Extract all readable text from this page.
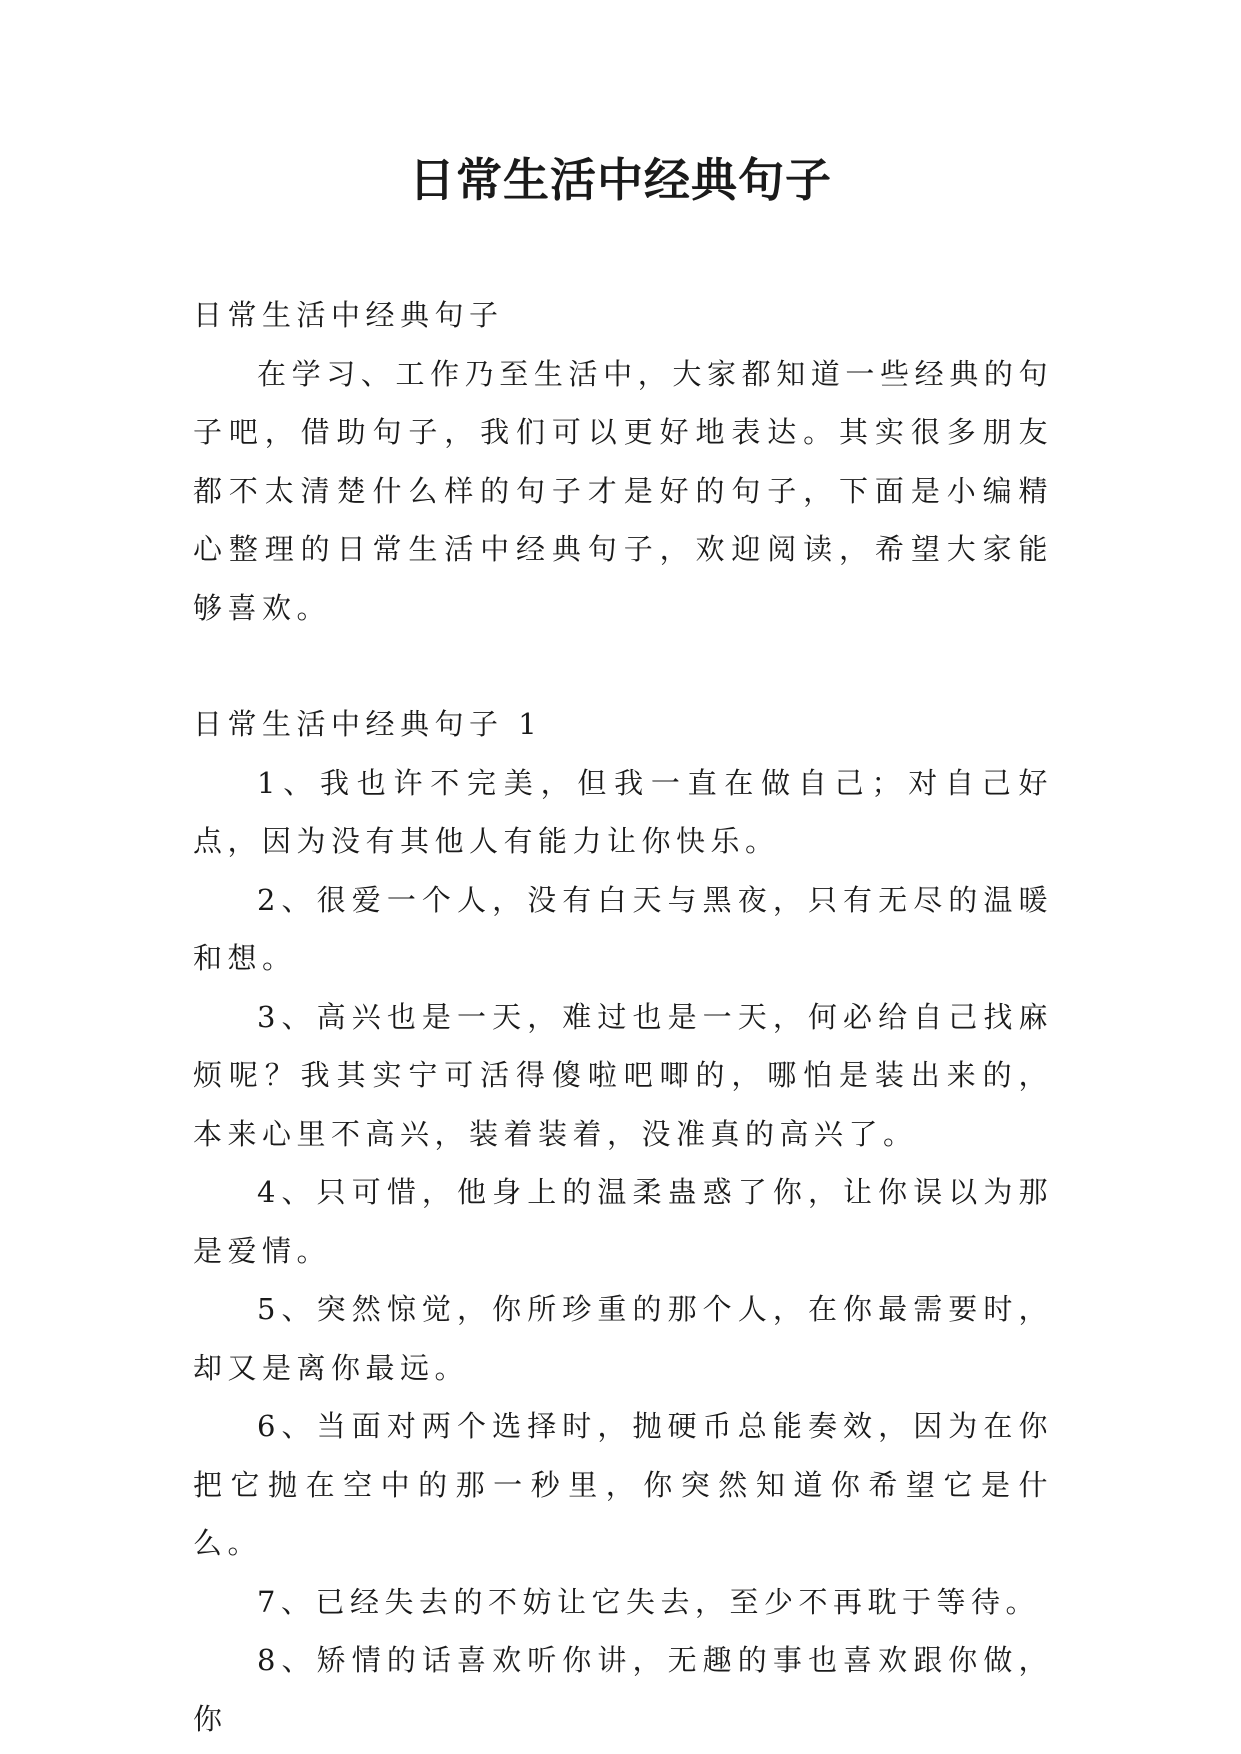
日常生活中经典句子

日常生活中经典句子

在学习、工作乃至生活中，大家都知道一些经典的句子吧，借助句子，我们可以更好地表达。其实很多朋友都不太清楚什么样的句子才是好的句子，下面是小编精心整理的日常生活中经典句子，欢迎阅读，希望大家能够喜欢。

日常生活中经典句子 1

1、我也许不完美，但我一直在做自己；对自己好点，因为没有其他人有能力让你快乐。

2、很爱一个人，没有白天与黑夜，只有无尽的温暖和想。

3、高兴也是一天，难过也是一天，何必给自己找麻烦呢？我其实宁可活得傻啦吧唧的，哪怕是装出来的，本来心里不高兴，装着装着，没准真的高兴了。

4、只可惜，他身上的温柔蛊惑了你，让你误以为那是爱情。

5、突然惊觉，你所珍重的那个人，在你最需要时，却又是离你最远。

6、当面对两个选择时，抛硬币总能奏效，因为在你把它抛在空中的那一秒里，你突然知道你希望它是什么。

7、已经失去的不妨让它失去，至少不再耽于等待。

8、矫情的话喜欢听你讲，无趣的事也喜欢跟你做，你
